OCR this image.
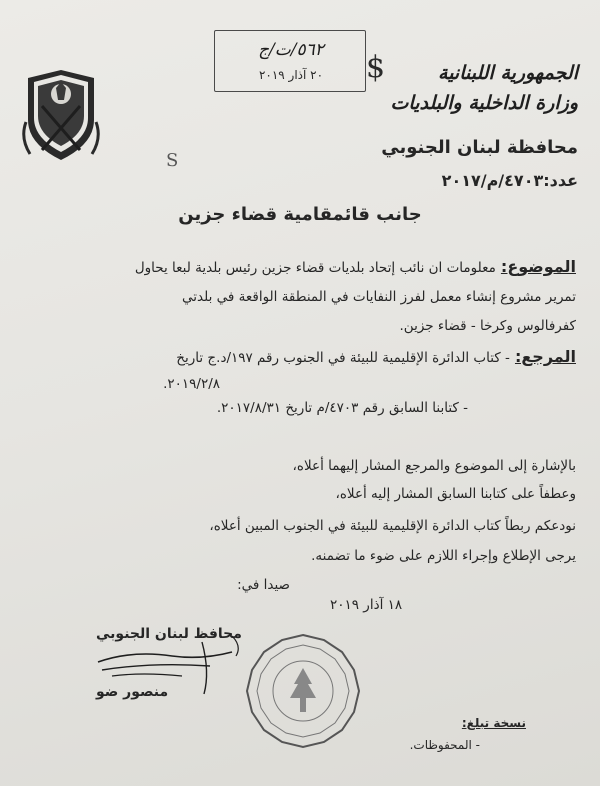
٥٦٢/ت/ج
٢٠ آذار ٢٠١٩	$
S
الجمهورية اللبنانية
وزارة الداخلية والبلديات
محافظة لبنان الجنوبي
عدد:٤٧٠٣/م/٢٠١٧
جانب قائمقامية قضاء جزين
الموضوع: معلومات ان نائب إتحاد بلديات قضاء جزين رئيس بلدية لبعا يحاول
تمرير مشروع إنشاء معمل لفرز النفايات في المنطقة الواقعة في بلدتي
كفرفالوس وكرخا - قضاء جزين.
المرجع: - كتاب الدائرة الإقليمية للبيئة في الجنوب رقم ١٩٧/د.ج تاريخ
٢٠١٩/٢/٨.
- كتابنا السابق رقم ٤٧٠٣/م تاريخ ٢٠١٧/٨/٣١.
بالإشارة إلى الموضوع والمرجع المشار إليهما أعلاه،
وعطفاً على كتابنا السابق المشار إليه أعلاه،
نودعكم ربطاً كتاب الدائرة الإقليمية للبيئة في الجنوب المبين أعلاه،
يرجى الإطلاع وإجراء اللازم على ضوء ما تضمنه.
صيدا في:
١٨ آذار ٢٠١٩
محافظ لبنان الجنوبي
منصور ضو
نسخة تبلغ:
- المحفوظات.
